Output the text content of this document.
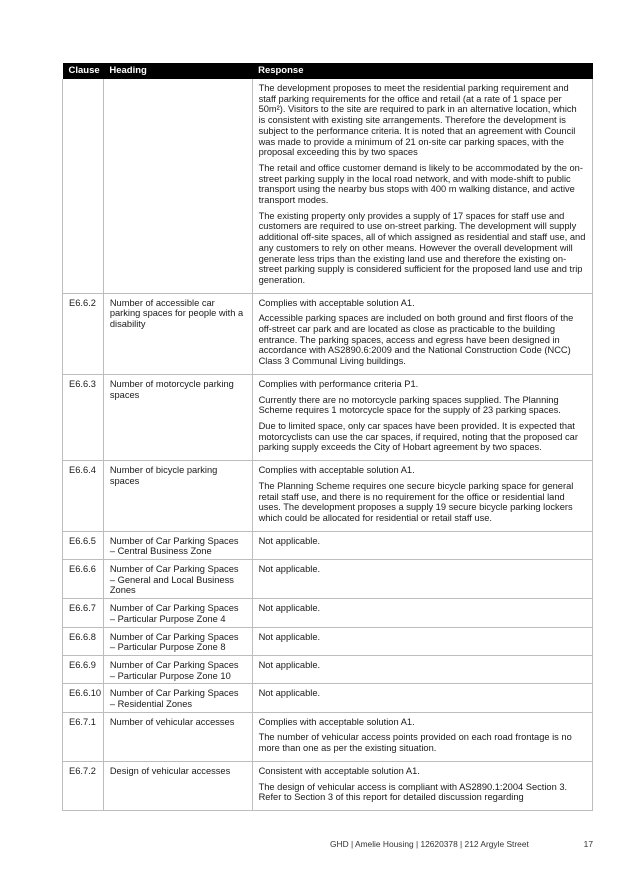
Clause	Heading	Response

		The development proposes to meet the residential parking requirement and staff parking requirements for the office and retail (at a rate of 1 space per 50m²). Visitors to the site are required to park in an alternative location, which is consistent with existing site arrangements. Therefore the development is subject to the performance criteria. It is noted that an agreement with Council was made to provide a minimum of 21 on-site car parking spaces, with the proposal exceeding this by two spaces

The retail and office customer demand is likely to be accommodated by the on-street parking supply in the local road network, and with mode-shift to public transport using the nearby bus stops with 400 m walking distance, and active transport modes.

The existing property only provides a supply of 17 spaces for staff use and customers are required to use on-street parking. The development will supply additional off-site spaces, all of which assigned as residential and staff use, and any customers to rely on other means. However the overall development will generate less trips than the existing land use and therefore the existing on-street parking supply is considered sufficient for the proposed land use and trip generation.

E6.6.2	Number of accessible car parking spaces for people with a disability	Complies with acceptable solution A1.

Accessible parking spaces are included on both ground and first floors of the off-street car park and are located as close as practicable to the building entrance. The parking spaces, access and egress have been designed in accordance with AS2890.6:2009 and the National Construction Code (NCC) Class 3 Communal Living buildings.

E6.6.3	Number of motorcycle parking spaces	Complies with performance criteria P1.

Currently there are no motorcycle parking spaces supplied. The Planning Scheme requires 1 motorcycle space for the supply of 23 parking spaces.

Due to limited space, only car spaces have been provided. It is expected that motorcyclists can use the car spaces, if required, noting that the proposed car parking supply exceeds the City of Hobart agreement by two spaces.

E6.6.4	Number of bicycle parking spaces	Complies with acceptable solution A1.

The Planning Scheme requires one secure bicycle parking space for general retail staff use, and there is no requirement for the office or residential land uses. The development proposes a supply 19 secure bicycle parking lockers which could be allocated for residential or retail staff use.

E6.6.5	Number of Car Parking Spaces – Central Business Zone	Not applicable.

E6.6.6	Number of Car Parking Spaces – General and Local Business Zones	Not applicable.

E6.6.7	Number of Car Parking Spaces – Particular Purpose Zone 4	Not applicable.

E6.6.8	Number of Car Parking Spaces – Particular Purpose Zone 8	Not applicable.

E6.6.9	Number of Car Parking Spaces – Particular Purpose Zone 10	Not applicable.

E6.6.10	Number of Car Parking Spaces – Residential Zones	Not applicable.

E6.7.1	Number of vehicular accesses	Complies with acceptable solution A1.

The number of vehicular access points provided on each road frontage is no more than one as per the existing situation.

E6.7.2	Design of vehicular accesses	Consistent with acceptable solution A1.

The design of vehicular access is compliant with AS2890.1:2004 Section 3. Refer to Section 3 of this report for detailed discussion regarding

GHD | Amelie Housing | 12620378 | 212 Argyle Street	17
